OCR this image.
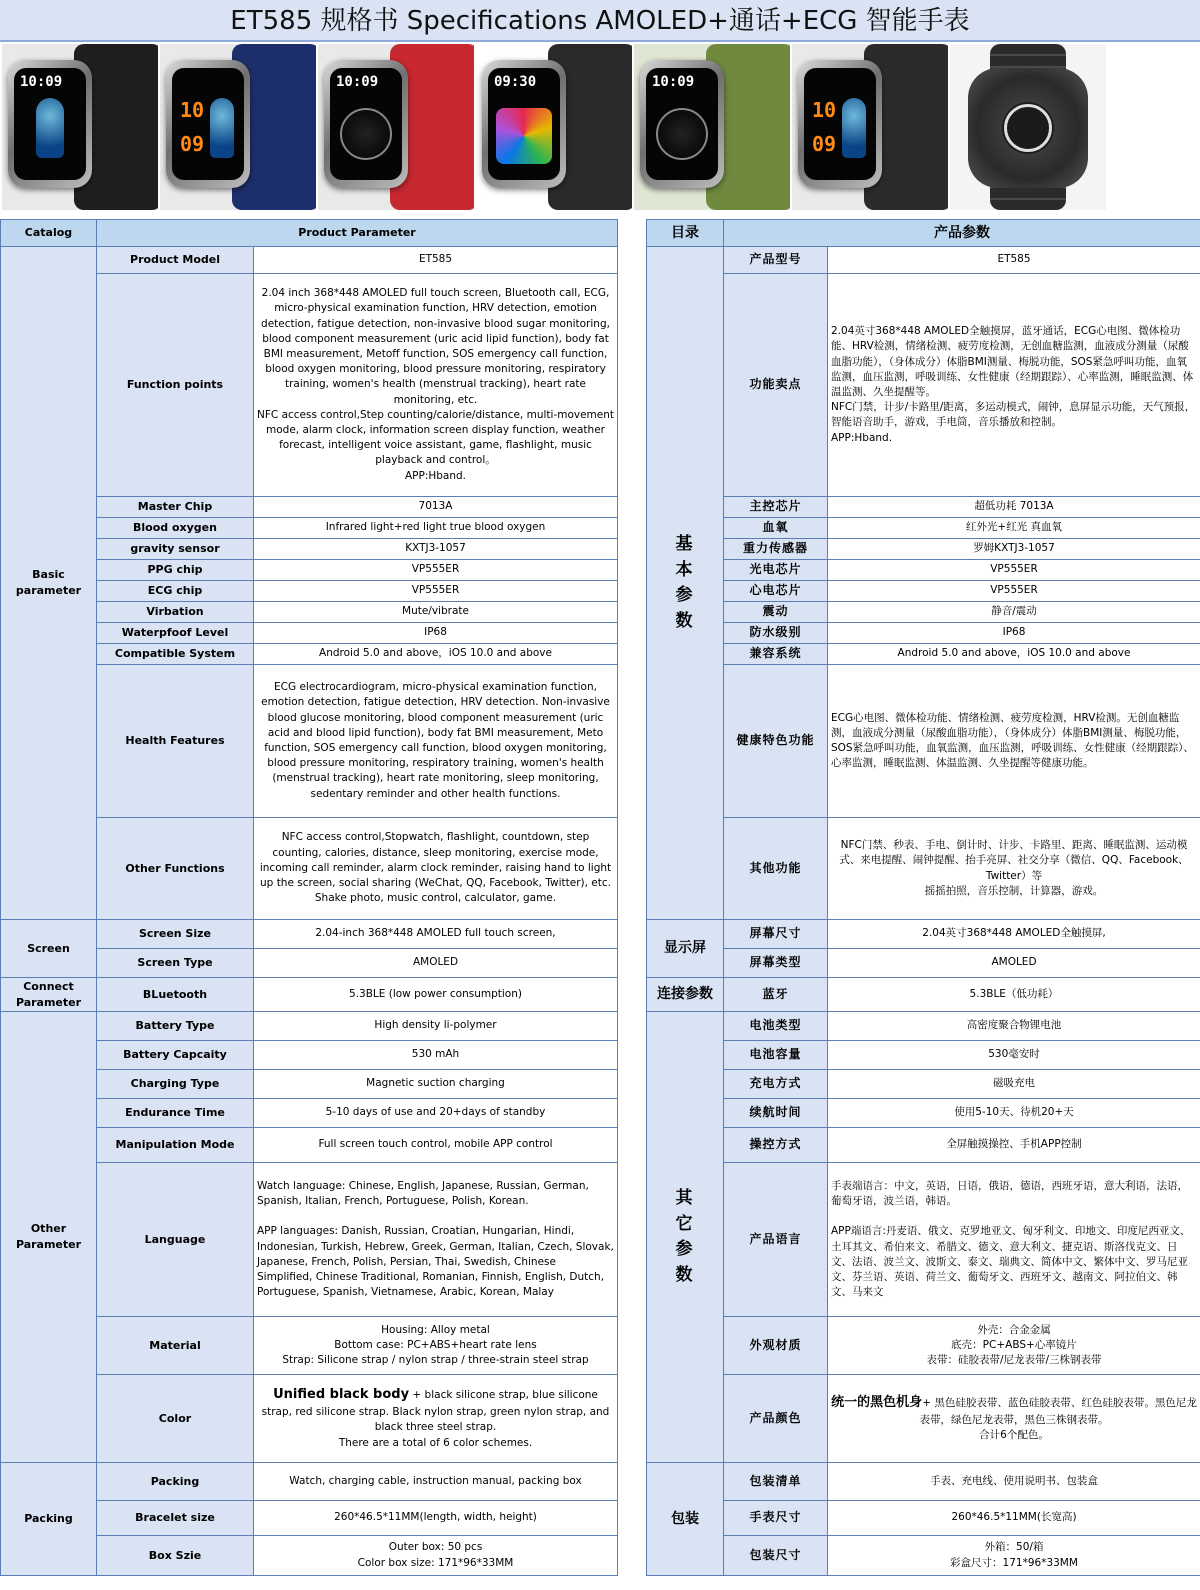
ET585 规格书 Specifications AMOLED+通话+ECG 智能手表
10:09
10
09
10:09	09:30	10:09
10
09
Catalog	Product Parameter	
Basic parameter	Product Model	ET585
	Function points	2.04 inch 368*448 AMOLED full touch screen, Bluetooth call, ECG, micro-physical examination function, HRV detection, emotion detection, fatigue detection, non-invasive blood sugar monitoring, blood component measurement (uric acid lipid function), body fat BMI measurement, Metoff function, SOS emergency call function, blood oxygen monitoring, blood pressure monitoring, respiratory training, women's health (menstrual tracking), heart rate monitoring, etc.
NFC access control,Step counting/calorie/distance, multi-movement mode, alarm clock, information screen display function, weather forecast, intelligent voice assistant, game, flashlight, music playback and control。
APP:Hband.
	Master Chip	7013A
	Blood oxygen	Infrared light+red light true blood oxygen
	gravity sensor	KXTJ3-1057
	PPG chip	VP555ER
	ECG chip	VP555ER
	Virbation	Mute/vibrate
	Waterpfoof Level	IP68
	Compatible System	Android 5.0 and above，iOS 10.0 and above
	Health Features	ECG electrocardiogram, micro-physical examination function, emotion detection, fatigue detection, HRV detection. Non-invasive blood glucose monitoring, blood component measurement (uric acid and blood lipid function), body fat BMI measurement, Meto function, SOS emergency call function, blood oxygen monitoring, blood pressure monitoring, respiratory training, women's health (menstrual tracking), heart rate monitoring, sleep monitoring, sedentary reminder and other health functions.
	Other Functions	NFC access control,Stopwatch, flashlight, countdown, step counting, calories, distance, sleep monitoring, exercise mode, incoming call reminder, alarm clock reminder, raising hand to light up the screen, social sharing (WeChat, QQ, Facebook, Twitter), etc.
Shake photo, music control, calculator, game.
Screen	Screen Size	2.04-inch 368*448 AMOLED full touch screen,
	Screen Type	AMOLED
Connect
Parameter	BLuetooth	5.3BLE (low power consumption)
Other
Parameter	Battery Type	High density li-polymer
	Battery Capcaity	530 mAh
	Charging Type	Magnetic suction charging
	Endurance Time	5-10 days of use and 20+days of standby
	Manipulation Mode	Full screen touch control, mobile APP control
	Language	Watch language: Chinese, English, Japanese, Russian, German, Spanish, Italian, French, Portuguese, Polish, Korean.

APP languages: Danish, Russian, Croatian, Hungarian, Hindi, Indonesian, Turkish, Hebrew, Greek, German, Italian, Czech, Slovak, Japanese, French, Polish, Persian, Thai, Swedish, Chinese Simplified, Chinese Traditional, Romanian, Finnish, English, Dutch, Portuguese, Spanish, Vietnamese, Arabic, Korean, Malay
	Material	Housing: Alloy metal
Bottom case: PC+ABS+heart rate lens
Strap: Silicone strap / nylon strap / three-strain steel strap
	Color	Unified black body + black silicone strap, blue silicone strap, red silicone strap. Black nylon strap, green nylon strap, and black three steel strap.
There are a total of 6 color schemes.
Packing	Packing	Watch, charging cable, instruction manual, packing box
	Bracelet size	260*46.5*11MM(length, width, height)
	Box Szie	Outer box: 50 pcs
Color box size: 171*96*33MM
目录	产品参数	
基
本
参
数	产品型号	ET585
	功能卖点	2.04英寸368*448 AMOLED全触摸屏，蓝牙通话，ECG心电图、微体检功能、HRV检测，情绪检测、疲劳度检测，无创血糖监测，血液成分测量（尿酸血脂功能），（身体成分）体脂BMI测量、梅脱功能，SOS紧急呼叫功能，血氧监测，血压监测，呼吸训练、女性健康（经期跟踪）、心率监测，睡眠监测、体温监测、久坐提醒等。
NFC门禁，计步/卡路里/距离，多运动模式，闹钟，息屏显示功能，天气预报，智能语音助手，游戏，手电筒，音乐播放和控制。
APP:Hband.
	主控芯片	超低功耗 7013A
	血氧	红外光+红光 真血氧
	重力传感器	罗姆KXTJ3-1057
	光电芯片	VP555ER
	心电芯片	VP555ER
	震动	静音/震动
	防水级别	IP68
	兼容系统	Android 5.0 and above，iOS 10.0 and above
	健康特色功能	ECG心电图、微体检功能、情绪检测、疲劳度检测，HRV检测。无创血糖监测，血液成分测量（尿酸血脂功能），（身体成分）体脂BMI测量、梅脱功能，SOS紧急呼叫功能，血氧监测，血压监测，呼吸训练、女性健康（经期跟踪）、心率监测，睡眠监测、体温监测、久坐提醒等健康功能。
	其他功能	NFC门禁、秒表、手电、倒计时、计步、卡路里、距离、睡眠监测、运动模式、来电提醒、闹钟提醒、抬手亮屏、社交分享（微信、QQ、Facebook、Twitter）等
摇摇拍照，音乐控制，计算器，游戏。
显示屏	屏幕尺寸	2.04英寸368*448 AMOLED全触摸屏,
	屏幕类型	AMOLED
连接参数	蓝牙	5.3BLE（低功耗）
其
它
参
数	电池类型	高密度聚合物锂电池
	电池容量	530毫安时
	充电方式	磁吸充电
	续航时间	使用5-10天、待机20+天
	操控方式	全屏触摸操控、手机APP控制
	产品语言	手表端语言：中文，英语，日语，俄语，德语，西班牙语，意大利语，法语，葡萄牙语，波兰语，韩语。

APP端语言:丹麦语、俄文、克罗地亚文、匈牙利文、印地文、印度尼西亚文、土耳其文、希伯来文、希腊文、德文、意大利文、捷克语、斯洛伐克文、日文、法语、波兰文、波斯文、泰文、瑞典文、简体中文、繁体中文、罗马尼亚文、芬兰语、英语、荷兰文、葡萄牙文、西班牙文、越南文、阿拉伯文、韩文、马来文
	外观材质	外壳：合金金属
底壳：PC+ABS+心率镜片
表带：硅胶表带/尼龙表带/三株钢表带
	产品颜色	统一的黑色机身+ 黑色硅胶表带、蓝色硅胶表带、红色硅胶表带。黑色尼龙表带，绿色尼龙表带，黑色三株钢表带。
合计6个配色。
包装	包装清单	手表、充电线、使用说明书、包装盒
	手表尺寸	260*46.5*11MM(长宽高)
	包装尺寸	外箱：50/箱
彩盒尺寸：171*96*33MM
